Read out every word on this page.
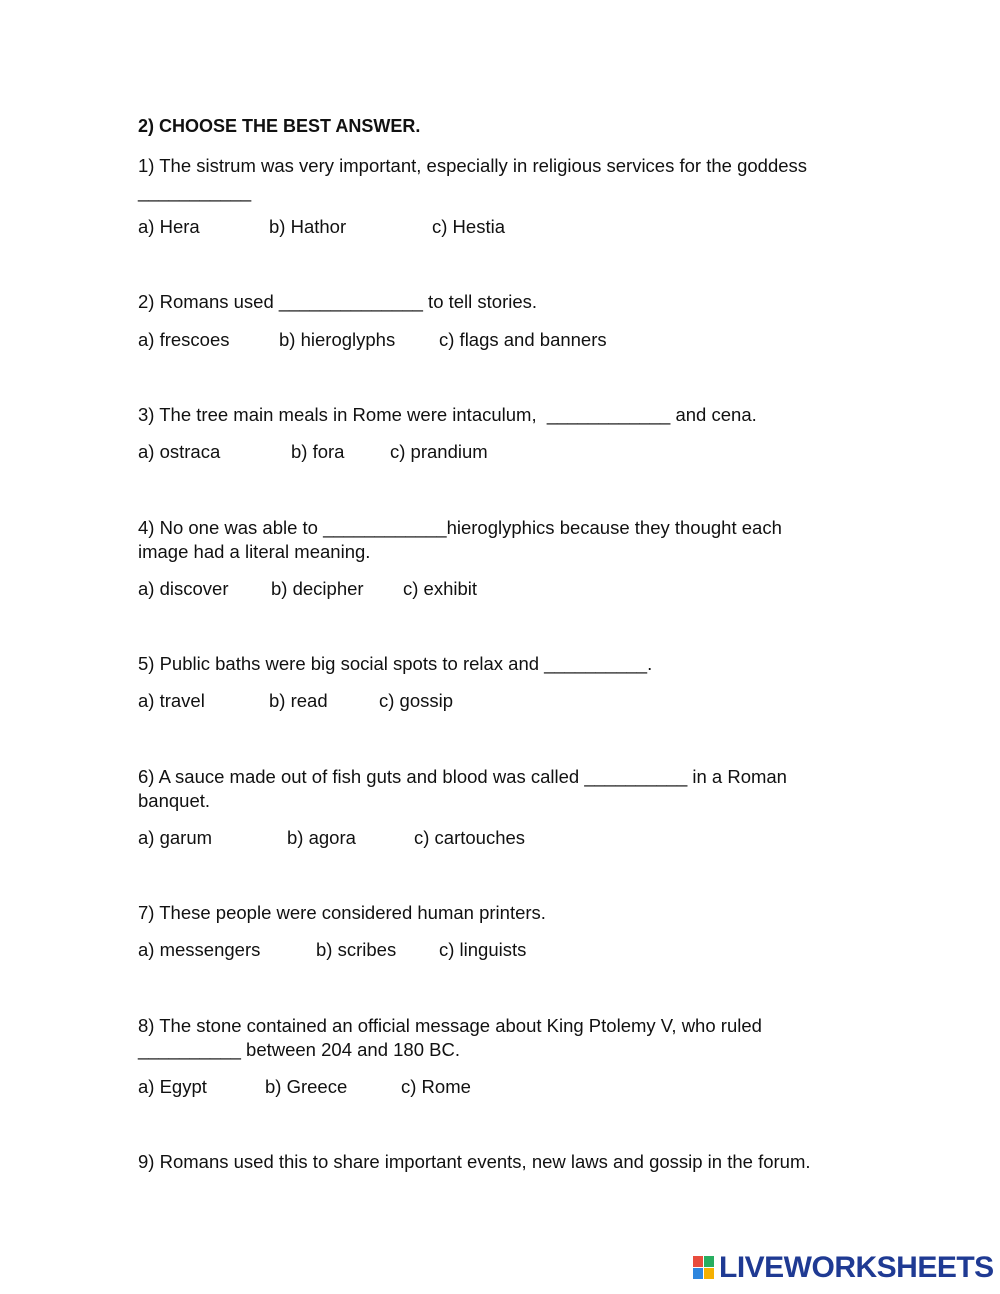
2) CHOOSE THE BEST ANSWER.
1) The sistrum was very important, especially in religious services for the goddess
___________
a) Hera	b) Hathor	c) Hestia
2) Romans used ______________ to tell stories.
a) frescoes	b) hieroglyphs c) flags and banners
3) The tree main meals in Rome were intaculum,  ____________ and cena.
a) ostraca	b) fora c) prandium
4) No one was able to ____________hieroglyphics because they thought each
image had a literal meaning.
a) discover b) decipher c) exhibit
5) Public baths were big social spots to relax and __________.
a) travel	b) read	c) gossip
6) A sauce made out of fish guts and blood was called __________ in a Roman
banquet.
a) garum	b) agora	c) cartouches
7) These people were considered human printers.
a) messengers	b) scribes c) linguists
8) The stone contained an official message about King Ptolemy V, who ruled
__________ between 204 and 180 BC.
a) Egypt	b) Greece	c) Rome
9) Romans used this to share important events, new laws and gossip in the forum.
LIVEWORKSHEETS
